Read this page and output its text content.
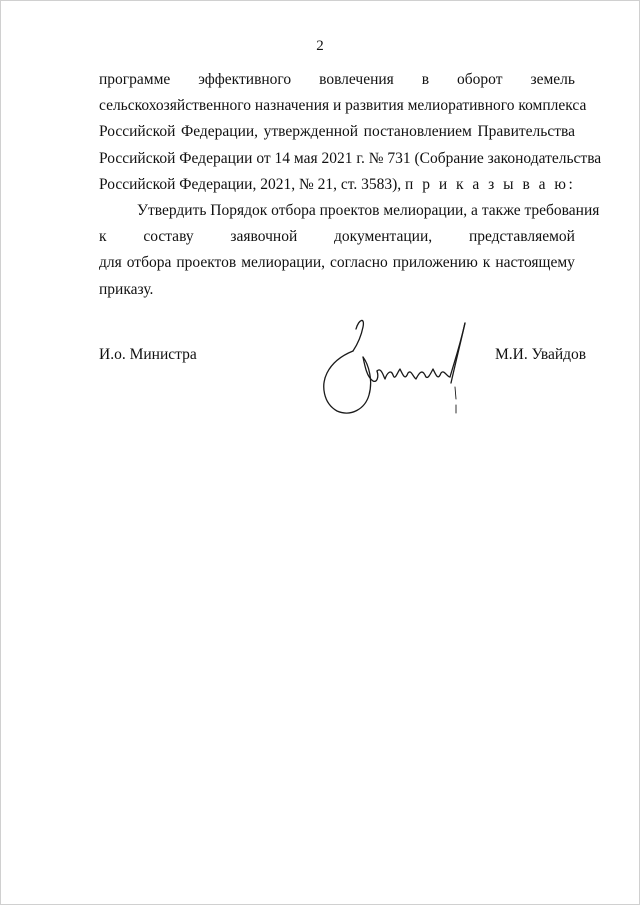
2
программе эффективного вовлечения в оборот земель
сельскохозяйственного назначения и развития мелиоративного комплекса
Российской Федерации, утвержденной постановлением Правительства
Российской Федерации от 14 мая 2021 г. № 731 (Собрание законодательства
Российской Федерации, 2021, № 21, ст. 3583), п р и к а з ы в а ю:
Утвердить Порядок отбора проектов мелиорации, а также требования
к составу заявочной документации, представляемой
для отбора проектов мелиорации, согласно приложению к настоящему
приказу.
И.о. Министра	М.И. Увайдов
